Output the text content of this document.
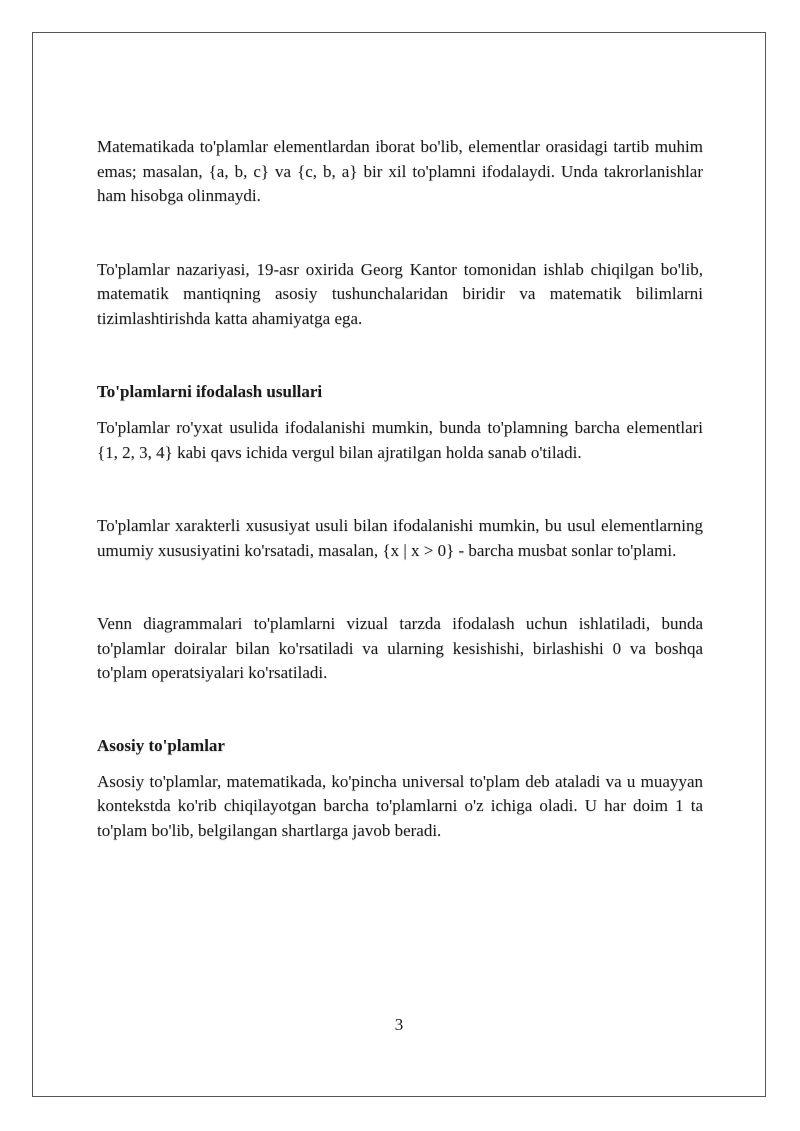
Matematikada to'plamlar elementlardan iborat bo'lib, elementlar orasidagi tartib muhim emas; masalan, {a, b, c} va {c, b, a} bir xil to'plamni ifodalaydi. Unda takrorlanishlar ham hisobga olinmaydi.

To'plamlar nazariyasi, 19-asr oxirida Georg Kantor tomonidan ishlab chiqilgan bo'lib, matematik mantiqning asosiy tushunchalaridan biridir va matematik bilimlarni tizimlashtirishda katta ahamiyatga ega.

To'plamlarni ifodalash usullari

To'plamlar ro'yxat usulida ifodalanishi mumkin, bunda to'plamning barcha elementlari {1, 2, 3, 4} kabi qavs ichida vergul bilan ajratilgan holda sanab o'tiladi.

To'plamlar xarakterli xususiyat usuli bilan ifodalanishi mumkin, bu usul elementlarning umumiy xususiyatini ko'rsatadi, masalan, {x | x > 0} - barcha musbat sonlar to'plami.

Venn diagrammalari to'plamlarni vizual tarzda ifodalash uchun ishlatiladi, bunda to'plamlar doiralar bilan ko'rsatiladi va ularning kesishishi, birlashishi 0 va boshqa to'plam operatsiyalari ko'rsatiladi.

Asosiy to'plamlar

Asosiy to'plamlar, matematikada, ko'pincha universal to'plam deb ataladi va u muayyan kontekstda ko'rib chiqilayotgan barcha to'plamlarni o'z ichiga oladi. U har doim 1 ta to'plam bo'lib, belgilangan shartlarga javob beradi.

3
